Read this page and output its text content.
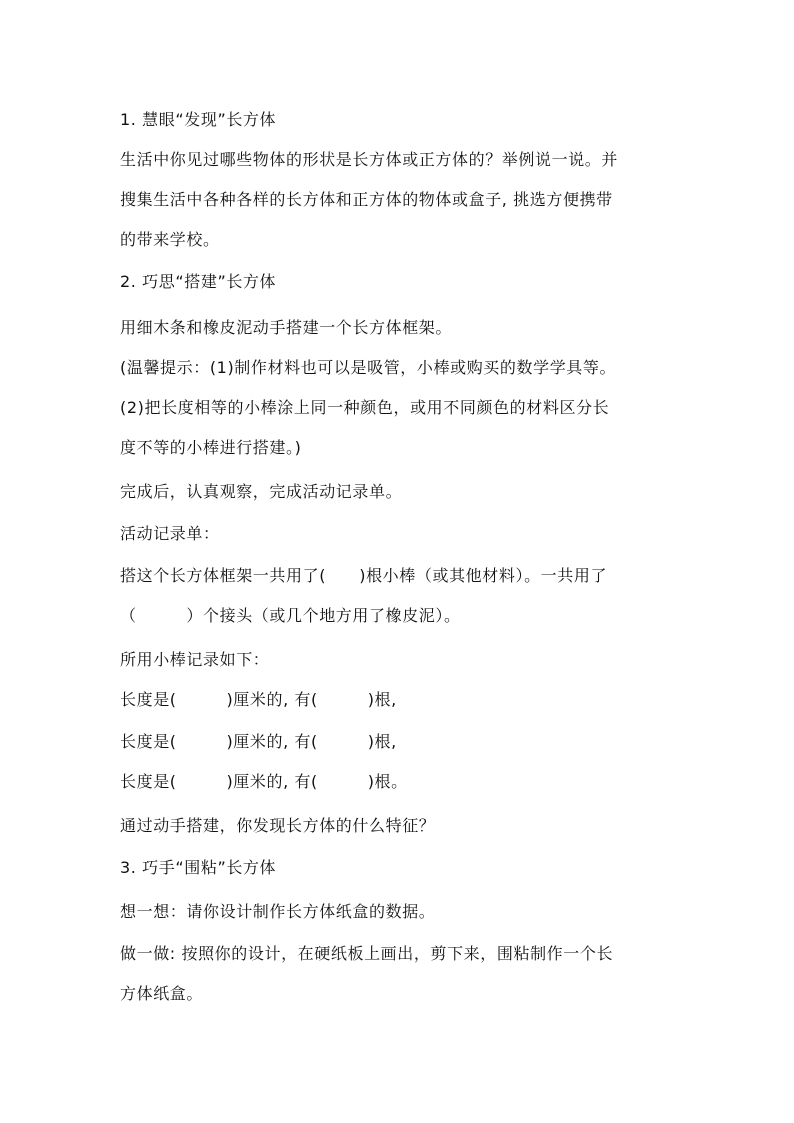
1. 慧眼“发现”长方体
生活中你见过哪些物体的形状是长方体或正方体的？举例说一说。并
搜集生活中各种各样的长方体和正方体的物体或盒子, 挑选方便携带
的带来学校。
2. 巧思“搭建”长方体
用细木条和橡皮泥动手搭建一个长方体框架。
(温馨提示：(1)制作材料也可以是吸管，小棒或购买的数学学具等。
(2)把长度相等的小棒涂上同一种颜色，或用不同颜色的材料区分长
度不等的小棒进行搭建。)
完成后，认真观察，完成活动记录单。
活动记录单：
搭这个长方体框架一共用了(　　)根小棒（或其他材料）。一共用了
（　　　）个接头（或几个地方用了橡皮泥）。
所用小棒记录如下：
长度是(　　　)厘米的, 有(　　　)根,
长度是(　　　)厘米的, 有(　　　)根,
长度是(　　　)厘米的, 有(　　　)根。
通过动手搭建，你发现长方体的什么特征？
3. 巧手“围粘”长方体
想一想：请你设计制作长方体纸盒的数据。
做一做: 按照你的设计，在硬纸板上画出，剪下来，围粘制作一个长
方体纸盒。
